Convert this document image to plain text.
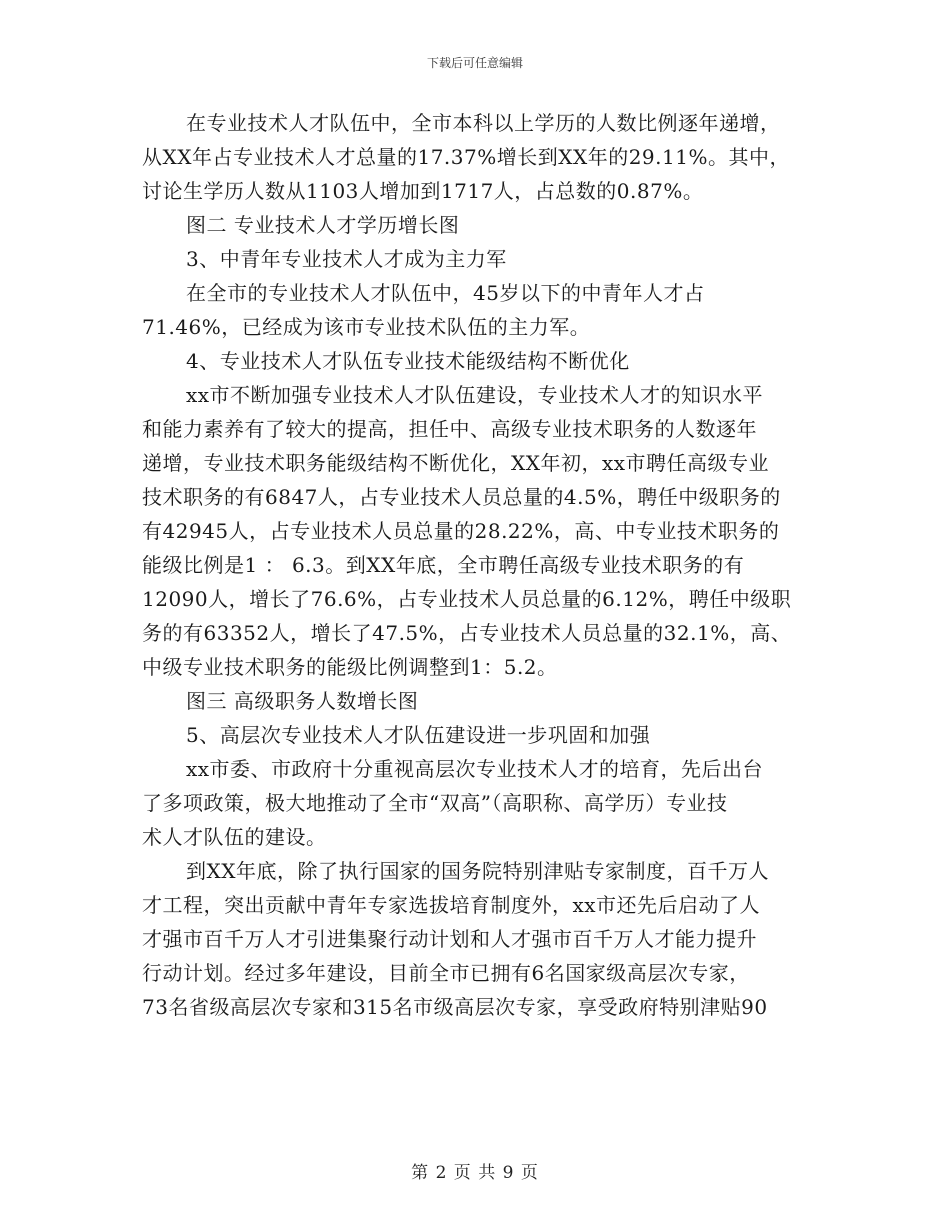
下载后可任意编辑

在专业技术人才队伍中，全市本科以上学历的人数比例逐年递增，

从XX年占专业技术人才总量的17.37%增长到XX年的29.11%。其中，

讨论生学历人数从1103人增加到1717人，占总数的0.87%。

图二 专业技术人才学历增长图

3、中青年专业技术人才成为主力军

在全市的专业技术人才队伍中，45岁以下的中青年人才占

71.46%，已经成为该市专业技术队伍的主力军。

4、专业技术人才队伍专业技术能级结构不断优化

xx市不断加强专业技术人才队伍建设，专业技术人才的知识水平

和能力素养有了较大的提高，担任中、高级专业技术职务的人数逐年

递增，专业技术职务能级结构不断优化，XX年初，xx市聘任高级专业

技术职务的有6847人，占专业技术人员总量的4.5%，聘任中级职务的

有42945人，占专业技术人员总量的28.22%，高、中专业技术职务的

能级比例是1 ： 6.3。到XX年底，全市聘任高级专业技术职务的有

12090人，增长了76.6%，占专业技术人员总量的6.12%，聘任中级职

务的有63352人，增长了47.5%，占专业技术人员总量的32.1%，高、

中级专业技术职务的能级比例调整到1：5.2。

图三 高级职务人数增长图

5、高层次专业技术人才队伍建设进一步巩固和加强

xx市委、市政府十分重视高层次专业技术人才的培育，先后出台

了多项政策，极大地推动了全市“双高”（高职称、高学历）专业技

术人才队伍的建设。

到XX年底，除了执行国家的国务院特别津贴专家制度，百千万人

才工程，突出贡献中青年专家选拔培育制度外，xx市还先后启动了人

才强市百千万人才引进集聚行动计划和人才强市百千万人才能力提升

行动计划。经过多年建设，目前全市已拥有6名国家级高层次专家，

73名省级高层次专家和315名市级高层次专家，享受政府特别津贴90

第 2 页 共 9 页
